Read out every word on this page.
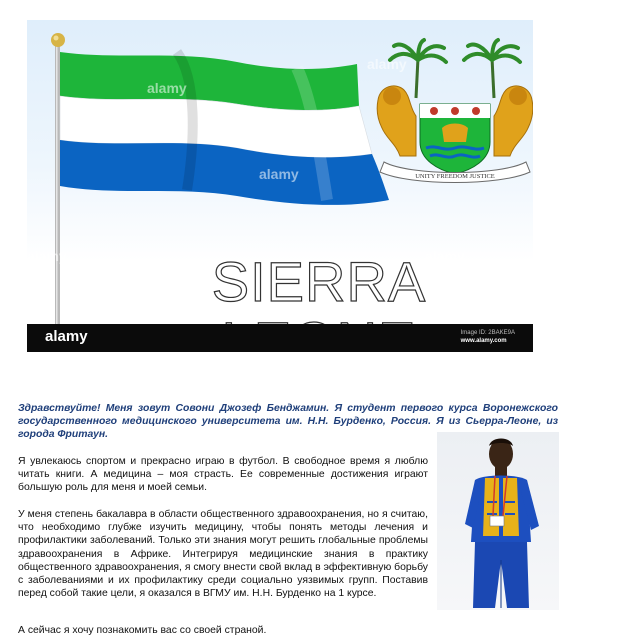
UNITY FREEDOM JUSTICE
alamy
alamy
alamy
alamy	alamy
SIERRA
alamy	Image ID: 2BAKE9A
www.alamy.com
Здравствуйте! Меня зовут Совони Джозеф Бенджамин. Я студент первого курса Воронежского государственного медицинского университета им. Н.Н. Бурденко, Россия. Я из Сьерра-Леоне, из города Фритаун.
Я увлекаюсь спортом и прекрасно играю в футбол. В свободное время я люблю читать книги. А медицина – моя страсть. Ее современные достижения играют большую роль для меня и моей семьи.
У меня степень бакалавра в области общественного здравоохранения, но я считаю, что необходимо глубже изучить медицину, чтобы понять методы лечения и профилактики заболеваний. Только эти знания могут решить глобальные проблемы здравоохранения в Африке. Интегрируя медицинские знания в практику общественного здравоохранения, я смогу внести свой вклад в эффективную борьбу с заболеваниями и их профилактику среди социально уязвимых групп. Поставив перед собой такие цели, я оказался в ВГМУ им. Н.Н. Бурденко на 1 курсе.
А сейчас я хочу познакомить вас со своей страной.
